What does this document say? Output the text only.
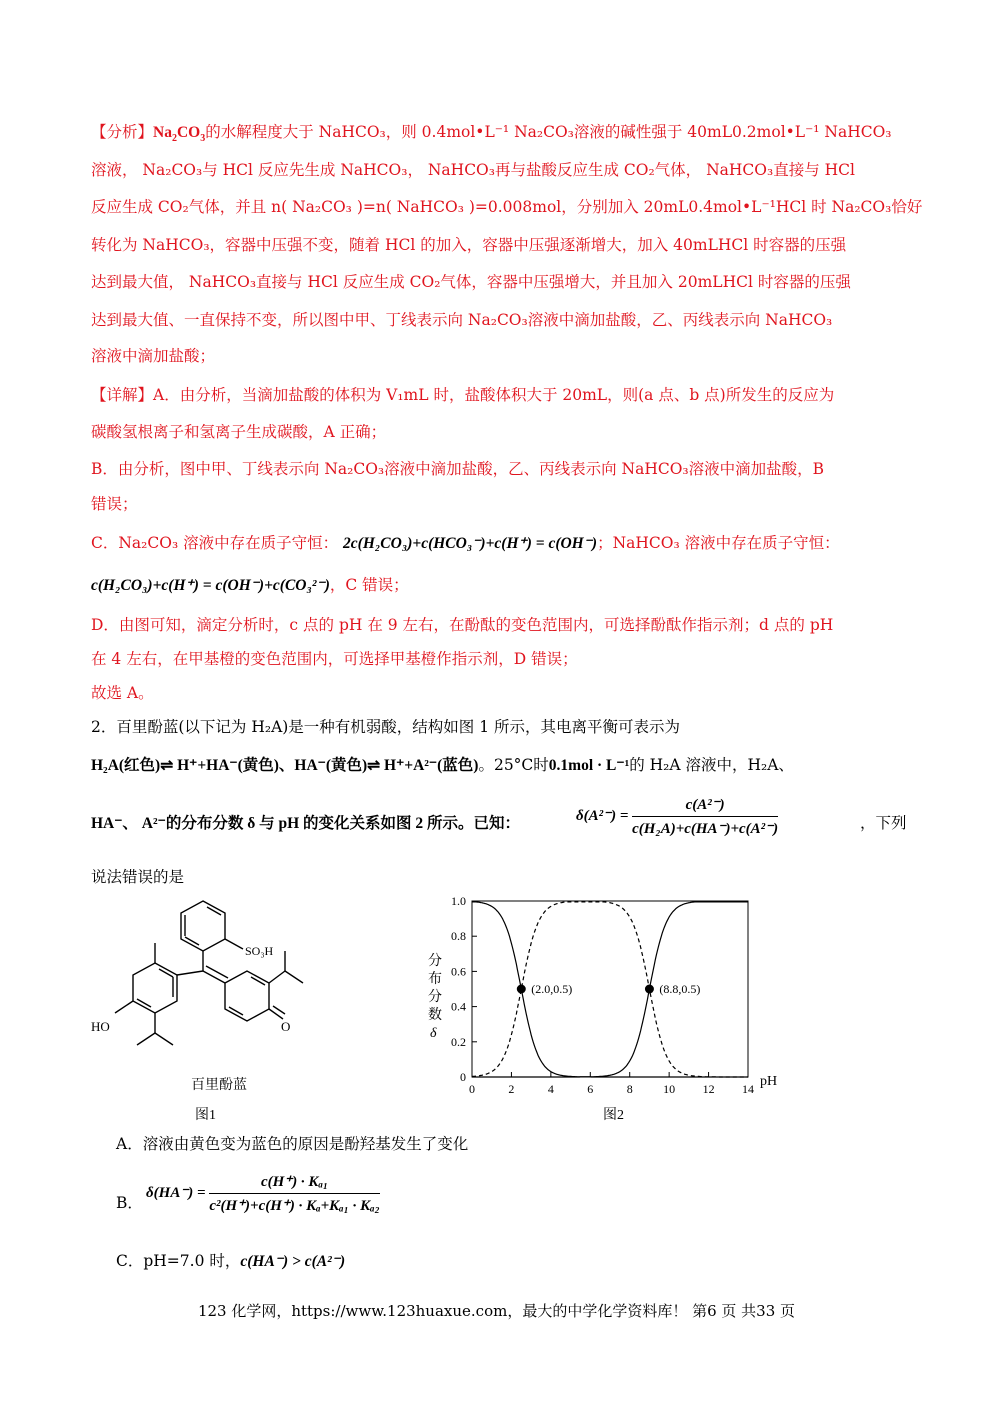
【分析】$Na_2CO_3$的水解程度大于 NaHCO₃，则 0.4mol•L⁻¹ Na₂CO₃溶液的碱性强于 40mL0.2mol•L⁻¹ NaHCO₃
溶液， Na₂CO₃与 HCl 反应先生成 NaHCO₃， NaHCO₃再与盐酸反应生成 CO₂气体， NaHCO₃直接与 HCl
反应生成 CO₂气体，并且 n( Na₂CO₃ )=n( NaHCO₃ )=0.008mol，分别加入 20mL0.4mol•L⁻¹HCl 时 Na₂CO₃恰好
转化为 NaHCO₃，容器中压强不变，随着 HCl 的加入，容器中压强逐渐增大，加入 40mLHCl 时容器的压强
达到最大值， NaHCO₃直接与 HCl 反应生成 CO₂气体，容器中压强增大，并且加入 20mLHCl 时容器的压强
达到最大值、一直保持不变，所以图中甲、丁线表示向 Na₂CO₃溶液中滴加盐酸，乙、丙线表示向 NaHCO₃
溶液中滴加盐酸；
【详解】A．由分析，当滴加盐酸的体积为 V₁mL 时，盐酸体积大于 20mL，则(a 点、b 点)所发生的反应为
碳酸氢根离子和氢离子生成碳酸，A 正确；
B．由分析，图中甲、丁线表示向 Na₂CO₃溶液中滴加盐酸，乙、丙线表示向 NaHCO₃溶液中滴加盐酸，B
错误；
C．Na₂CO₃ 溶液中存在质子守恒： 2c(H₂CO₃)+c(HCO₃⁻)+c(H⁺) = c(OH⁻)；NaHCO₃ 溶液中存在质子守恒：
c(H₂CO₃)+c(H⁺) = c(OH⁻)+c(CO₃²⁻)，C 错误；
D．由图可知，滴定分析时，c 点的 pH 在 9 左右，在酚酞的变色范围内，可选择酚酞作指示剂；d 点的 pH
在 4 左右，在甲基橙的变色范围内，可选择甲基橙作指示剂，D 错误；
故选 A。
2．百里酚蓝(以下记为 H₂A)是一种有机弱酸，结构如图 1 所示，其电离平衡可表示为
H₂A(红色)⇌ H⁺+HA⁻(黄色)、HA⁻(黄色)⇌ H⁺+A²⁻(蓝色)。25°C时0.1mol · L⁻¹的 H₂A 溶液中，H₂A、
HA⁻、 A²⁻的分布分数 δ 与 pH 的变化关系如图 2 所示。已知：	$\delta(A^{2-}) = \frac{\text{c(A²⁻)}}{\text{c(H₂A)+c(HA⁻)+c(A²⁻)}}$	，下列
说法错误的是
SO₃H
HO	O
百里酚蓝
图1
0
0.2
0.4
0.6
0.8
1.0
0	2	4	6	8	10 12 14
(2.0,0.5)	(8.8,0.5)
分布分数 δ
pH
图2
A．溶液由黄色变为蓝色的原因是酚羟基发生了变化
B．
$\delta(HA^-) = \frac{\text{c(H⁺) · Kₐ₁}}{\text{c²(H⁺)+c(H⁺) · Kₐ+Kₐ₁ · Kₐ₂}}$
C．pH=7.0 时，c(HA⁻) > c(A²⁻)
123 化学网，https://www.123huaxue.com，最大的中学化学资料库！ 第6 页 共33 页
